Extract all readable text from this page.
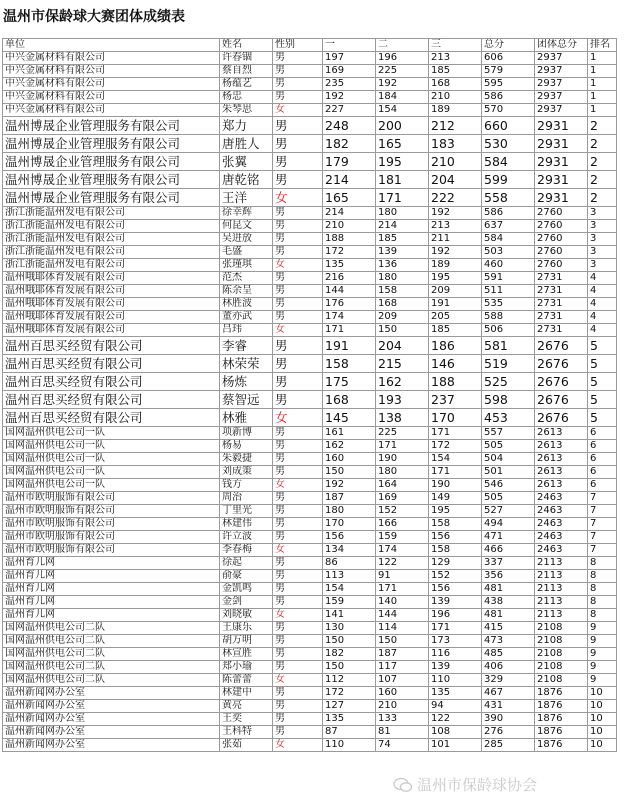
温州市保龄球大赛团体成绩表
单位	姓名	性别	一	二	三	总分	团体总分	排名
中兴金属材料有限公司	许春锢	男	197	196	213	606	2937	1
中兴金属材料有限公司	蔡自烈	男	169	225	185	579	2937	1
中兴金属材料有限公司	杨蕴艺	男	235	192	168	595	2937	1
中兴金属材料有限公司	杨忠	男	192	184	210	586	2937	1
中兴金属材料有限公司	朱琴思	女	227	154	189	570	2937	1
温州博晟企业管理服务有限公司	郑力	男	248	200	212	660	2931	2
温州博晟企业管理服务有限公司	唐胜人	男	182	165	183	530	2931	2
温州博晟企业管理服务有限公司	张翼	男	179	195	210	584	2931	2
温州博晟企业管理服务有限公司	唐乾铭	男	214	181	204	599	2931	2
温州博晟企业管理服务有限公司	王洋	女	165	171	222	558	2931	2
浙江浙能温州发电有限公司	徐幸辉	男	214	180	192	586	2760	3
浙江浙能温州发电有限公司	何昆文	男	210	214	213	637	2760	3
浙江浙能温州发电有限公司	吴进放	男	188	185	211	584	2760	3
浙江浙能温州发电有限公司	毛盛	男	172	139	192	503	2760	3
浙江浙能温州发电有限公司	张瑾琪	女	135	136	189	460	2760	3
温州哦耶体育发展有限公司	范杰	男	216	180	195	591	2731	4
温州哦耶体育发展有限公司	陈余呈	男	144	158	209	511	2731	4
温州哦耶体育发展有限公司	林胜波	男	176	168	191	535	2731	4
温州哦耶体育发展有限公司	董亦武	男	174	209	205	588	2731	4
温州哦耶体育发展有限公司	吕玮	女	171	150	185	506	2731	4
温州百思买经贸有限公司	李睿	男	191	204	186	581	2676	5
温州百思买经贸有限公司	林荣荣	男	158	215	146	519	2676	5
温州百思买经贸有限公司	杨炼	男	175	162	188	525	2676	5
温州百思买经贸有限公司	蔡智远	男	168	193	237	598	2676	5
温州百思买经贸有限公司	林雅	女	145	138	170	453	2676	5
国网温州供电公司一队	项新博	男	161	225	171	557	2613	6
国网温州供电公司一队	杨易	男	162	171	172	505	2613	6
国网温州供电公司一队	朱毅捷	男	160	190	154	504	2613	6
国网温州供电公司一队	刘成策	男	150	180	171	501	2613	6
国网温州供电公司一队	钱方	女	192	164	190	546	2613	6
温州市欧明服饰有限公司	周治	男	187	169	149	505	2463	7
温州市欧明服饰有限公司	丁里光	男	180	152	195	527	2463	7
温州市欧明服饰有限公司	林建伟	男	170	166	158	494	2463	7
温州市欧明服饰有限公司	许立波	男	156	159	156	471	2463	7
温州市欧明服饰有限公司	李春梅	女	134	174	158	466	2463	7
温州育儿网	徐起	男	86	122	129	337	2113	8
温州育儿网	俞豪	男	113	91	152	356	2113	8
温州育儿网	金凯鸣	男	154	171	156	481	2113	8
温州育儿网	金剑	男	159	140	139	438	2113	8
温州育儿网	刘晓敏	女	141	144	196	481	2113	8
国网温州供电公司二队	王康乐	男	130	114	171	415	2108	9
国网温州供电公司二队	胡万明	男	150	150	173	473	2108	9
国网温州供电公司二队	林宣胜	男	182	187	116	485	2108	9
国网温州供电公司二队	郑小瑜	男	150	117	139	406	2108	9
国网温州供电公司二队	陈蕾蕾	女	112	107	110	329	2108	9
温州新闻网办公室	林建中	男	172	160	135	467	1876	10
温州新闻网办公室	黄亮	男	127	210	94	431	1876	10
温州新闻网办公室	王奕	男	135	133	122	390	1876	10
温州新闻网办公室	王科特	男	87	81	108	276	1876	10
温州新闻网办公室	张茹	女	110	74	101	285	1876	10
温州市保龄球协会
